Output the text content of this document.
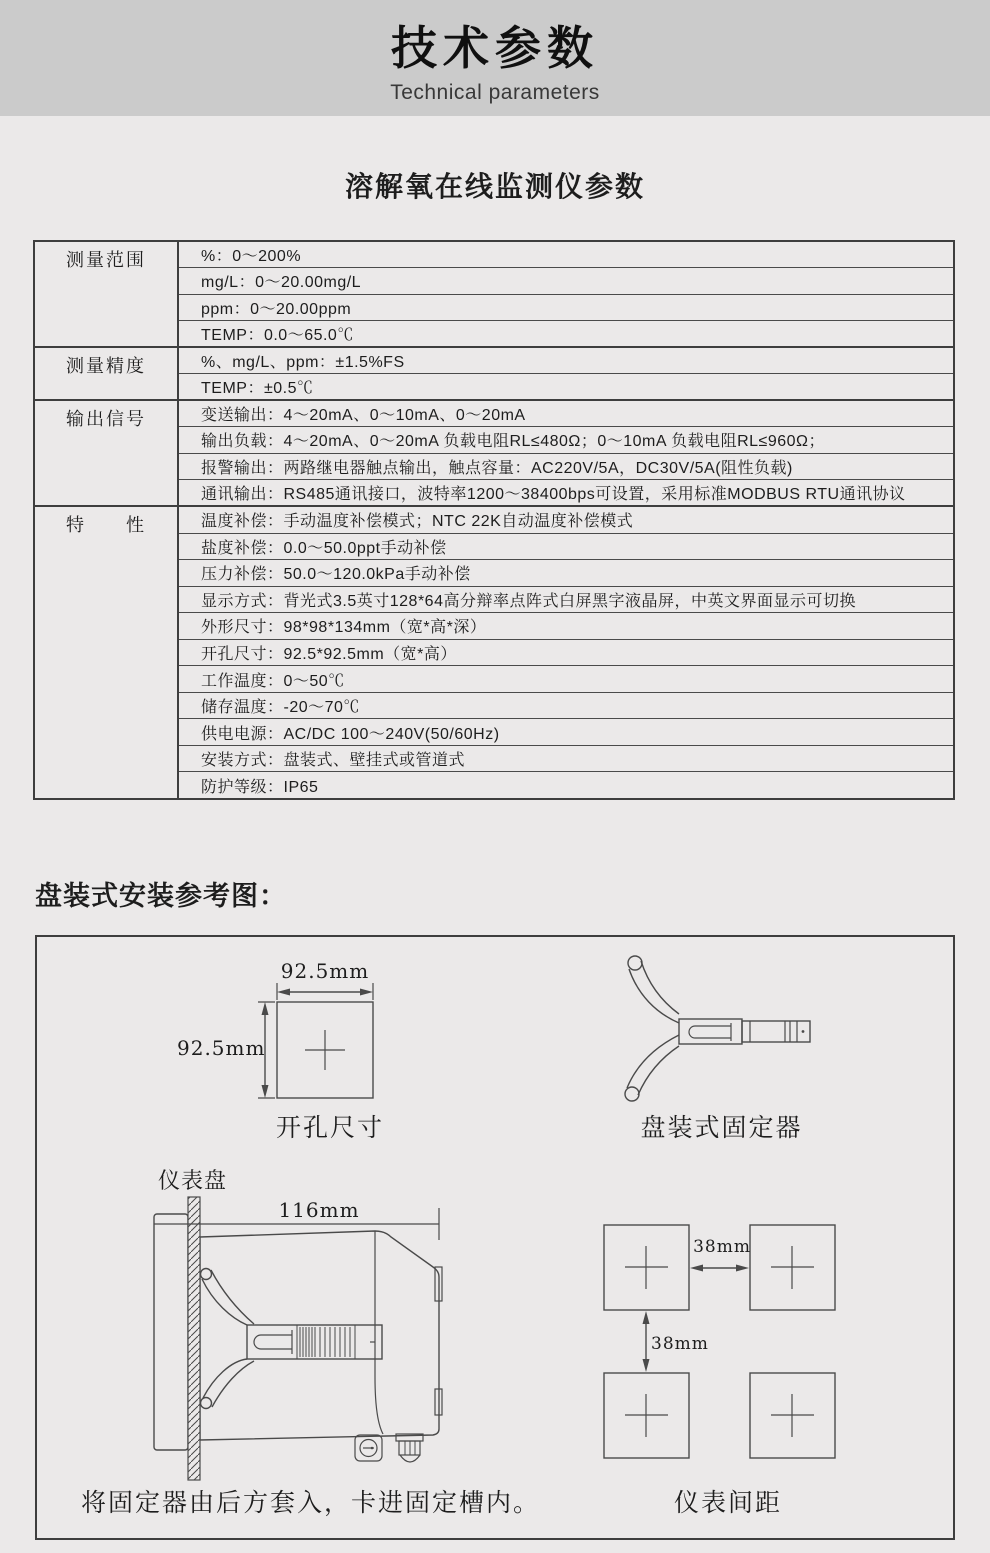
技术参数
Technical parameters
溶解氧在线监测仪参数
测量范围	%：0～200%
mg/L：0～20.00mg/L
ppm：0～20.00ppm
TEMP：0.0～65.0℃
测量精度	%、mg/L、ppm：±1.5%FS
TEMP：±0.5℃
输出信号	变送输出：4～20mA、0～10mA、0～20mA
输出负载：4～20mA、0～20mA 负载电阻RL≤480Ω；0～10mA 负载电阻RL≤960Ω；
报警输出：两路继电器触点输出，触点容量：AC220V/5A，DC30V/5A(阻性负载)
通讯输出：RS485通讯接口，波特率1200～38400bps可设置，采用标准MODBUS RTU通讯协议
特　　性	温度补偿：手动温度补偿模式；NTC 22K自动温度补偿模式
盐度补偿：0.0～50.0ppt手动补偿
压力补偿：50.0～120.0kPa手动补偿
显示方式：背光式3.5英寸128*64高分辩率点阵式白屏黑字液晶屏，中英文界面显示可切换
外形尺寸：98*98*134mm（宽*高*深）
开孔尺寸：92.5*92.5mm（宽*高）
工作温度：0～50℃
储存温度：-20～70℃
供电电源：AC/DC 100～240V(50/60Hz)
安装方式：盘装式、壁挂式或管道式
防护等级：IP65
盘装式安装参考图：
92.5mm
92.5mm
开孔尺寸	盘装式固定器
仪表盘
116mm
38mm
38mm
仪表间距
将固定器由后方套入，卡进固定槽内。
